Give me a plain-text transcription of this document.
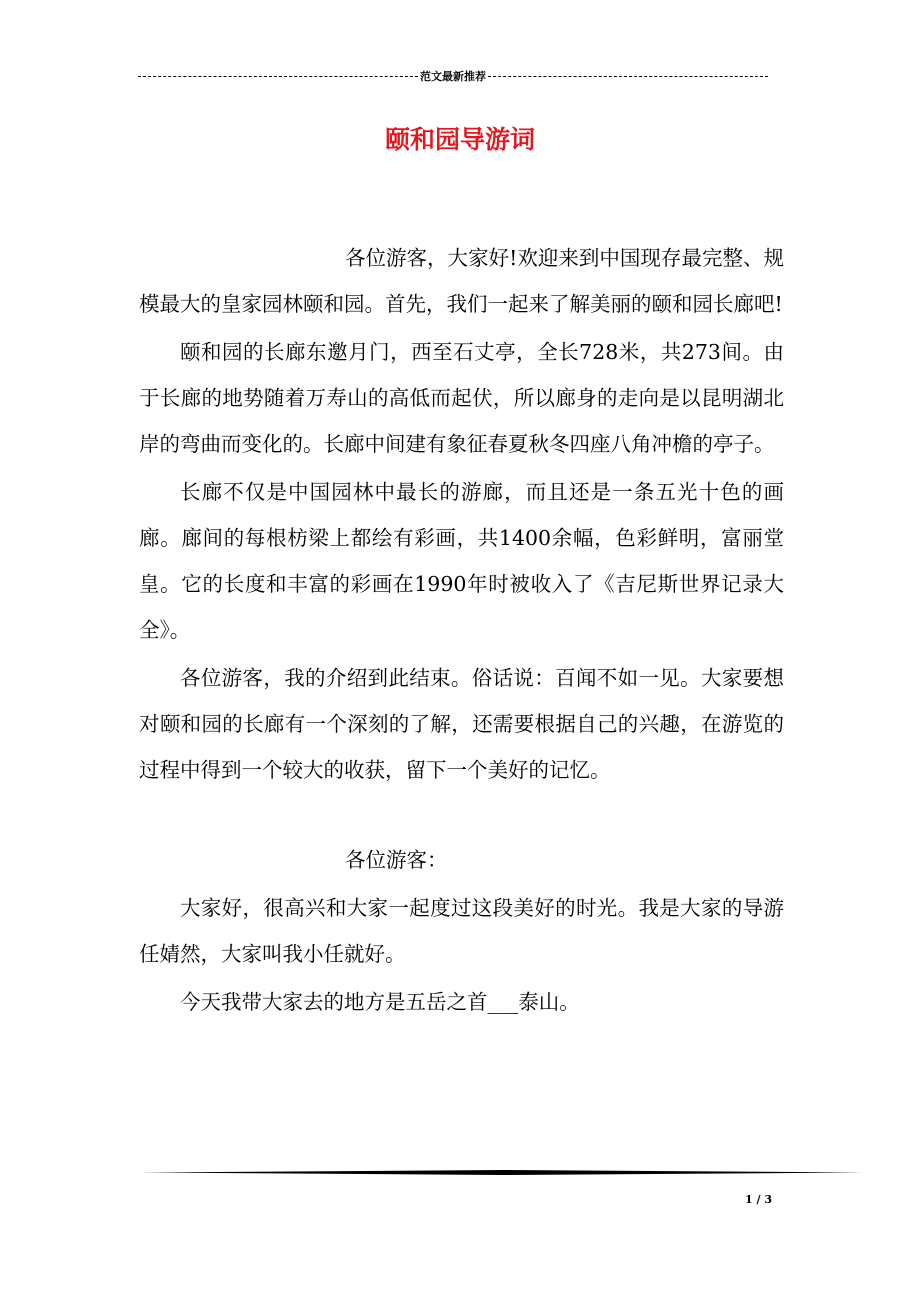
范文最新推荐
颐和园导游词

各位游客，大家好!欢迎来到中国现存最完整、规模最大的皇家园林颐和园。首先，我们一起来了解美丽的颐和园长廊吧!

颐和园的长廊东邀月门，西至石丈亭，全长728米，共273间。由于长廊的地势随着万寿山的高低而起伏，所以廊身的走向是以昆明湖北岸的弯曲而变化的。长廊中间建有象征春夏秋冬四座八角冲檐的亭子。

长廊不仅是中国园林中最长的游廊，而且还是一条五光十色的画廊。廊间的每根枋梁上都绘有彩画，共1400余幅，色彩鲜明，富丽堂皇。它的长度和丰富的彩画在1990年时被收入了《吉尼斯世界记录大全》。

各位游客，我的介绍到此结束。俗话说：百闻不如一见。大家要想对颐和园的长廊有一个深刻的了解，还需要根据自己的兴趣，在游览的过程中得到一个较大的收获，留下一个美好的记忆。

各位游客：

大家好，很高兴和大家一起度过这段美好的时光。我是大家的导游任婧然，大家叫我小任就好。

今天我带大家去的地方是五岳之首___泰山。

1 / 3
